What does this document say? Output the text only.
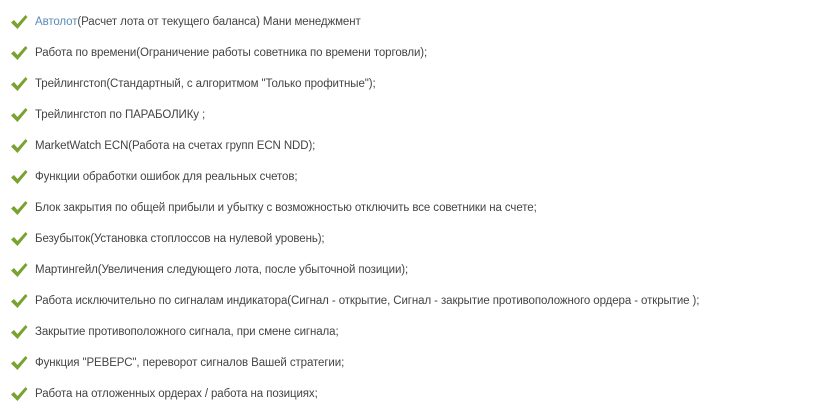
Автолот(Расчет лота от текущего баланса) Мани менеджмент
Работа по времени(Ограничение работы советника по времени торговли);
Трейлингстоп(Стандартный, с алгоритмом "Только профитные");
Трейлингстоп по ПАРАБОЛИКу ;
MarketWatch ECN(Работа на счетах групп ECN NDD);
Функции обработки ошибок для реальных счетов;
Блок закрытия по общей прибыли и убытку с возможностью отключить все советники на счете;
Безубыток(Установка стоплоссов на нулевой уровень);
Мартингейл(Увеличения следующего лота, после убыточной позиции);
Работа исключительно по сигналам индикатора(Сигнал - открытие, Сигнал - закрытие противоположного ордера - открытие );
Закрытие противоположного сигнала, при смене сигнала;
Функция "РЕВЕРС", переворот сигналов Вашей стратегии;
Работа на отложенных ордерах / работа на позициях;
